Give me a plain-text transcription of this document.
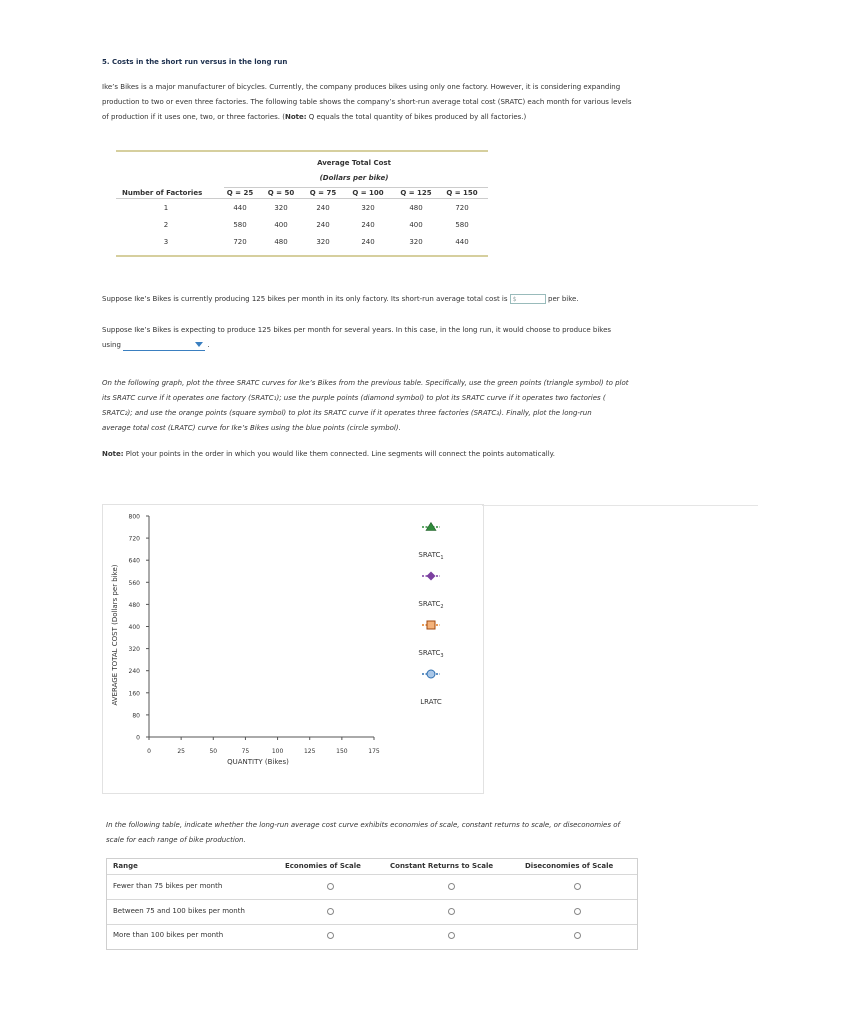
5. Costs in the short run versus in the long run
Ike’s Bikes is a major manufacturer of bicycles. Currently, the company produces bikes using only one factory. However, it is considering expanding
production to two or even three factories. The following table shows the company’s short-run average total cost (SRATC) each month for various levels
of production if it uses one, two, or three factories. (Note: Q equals the total quantity of bikes produced by all factories.)
Average Total Cost
(Dollars per bike)
Number of Factories	Q = 25	Q = 50	Q = 75	Q = 100	Q = 125	Q = 150
1	440	320	240	320	480	720
2	580	400	240	240	400	580
3	720	480	320	240	320	440
Suppose Ike’s Bikes is currently producing 125 bikes per month in its only factory. Its short-run average total cost is $	per bike.
Suppose Ike’s Bikes is expecting to produce 125 bikes per month for several years. In this case, in the long run, it would choose to produce bikes
using	.
On the following graph, plot the three SRATC curves for Ike’s Bikes from the previous table. Specifically, use the green points (triangle symbol) to plot
its SRATC curve if it operates one factory (SRATC₁); use the purple points (diamond symbol) to plot its SRATC curve if it operates two factories (
SRATC₂); and use the orange points (square symbol) to plot its SRATC curve if it operates three factories (SRATC₃). Finally, plot the long-run
average total cost (LRATC) curve for Ike’s Bikes using the blue points (circle symbol).
Note: Plot your points in the order in which you would like them connected. Line segments will connect the points automatically.
0
80
160
240
320
400
480
560
640
720
800
0	25	50	75	100	125	150	175
AVERAGE TOTAL COST (Dollars per bike)
QUANTITY (Bikes)
$SRATC_1$
$SRATC_2$
$SRATC_3$
LRATC
In the following table, indicate whether the long-run average cost curve exhibits economies of scale, constant returns to scale, or diseconomies of
scale for each range of bike production.
Range	Economies of Scale	Constant Returns to Scale	Diseconomies of Scale
Fewer than 75 bikes per month
Between 75 and 100 bikes per month
More than 100 bikes per month
